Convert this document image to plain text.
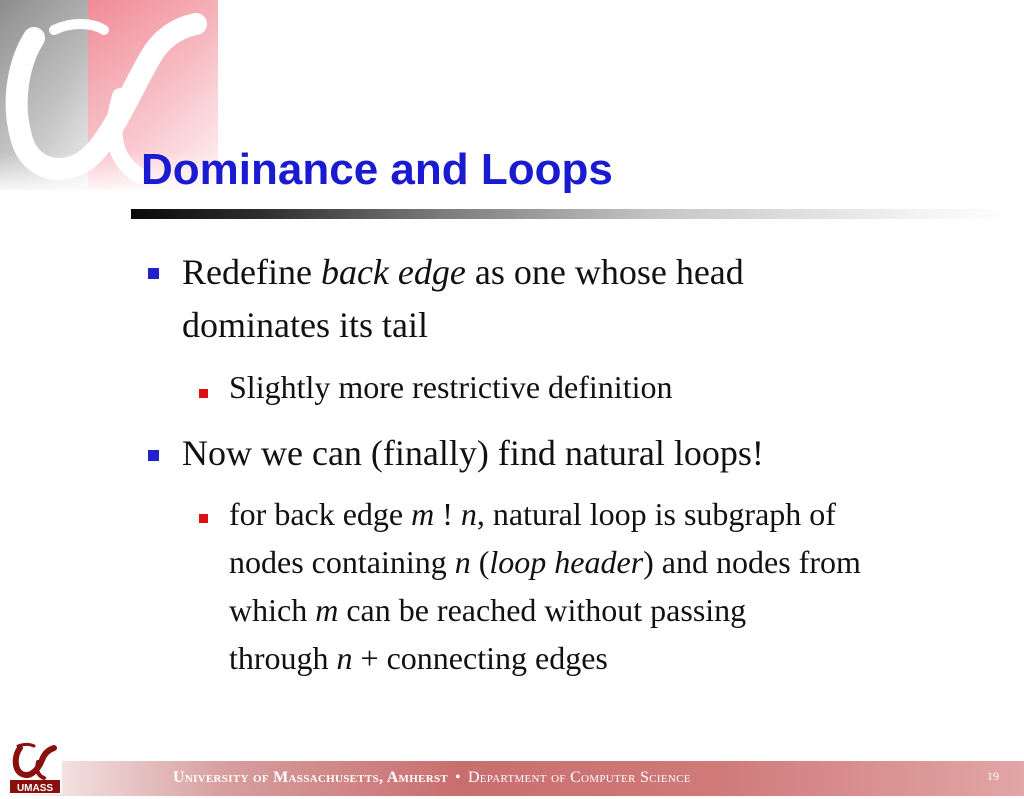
Dominance and Loops
Redefine back edge as one whose head
dominates its tail
Slightly more restrictive definition
Now we can (finally) find natural loops!
for back edge m ! n, natural loop is subgraph of
nodes containing n (loop header) and nodes from
which m can be reached without passing
through n + connecting edges
UMASS
University of Massachusetts, Amherst • Department of Computer Science	19
